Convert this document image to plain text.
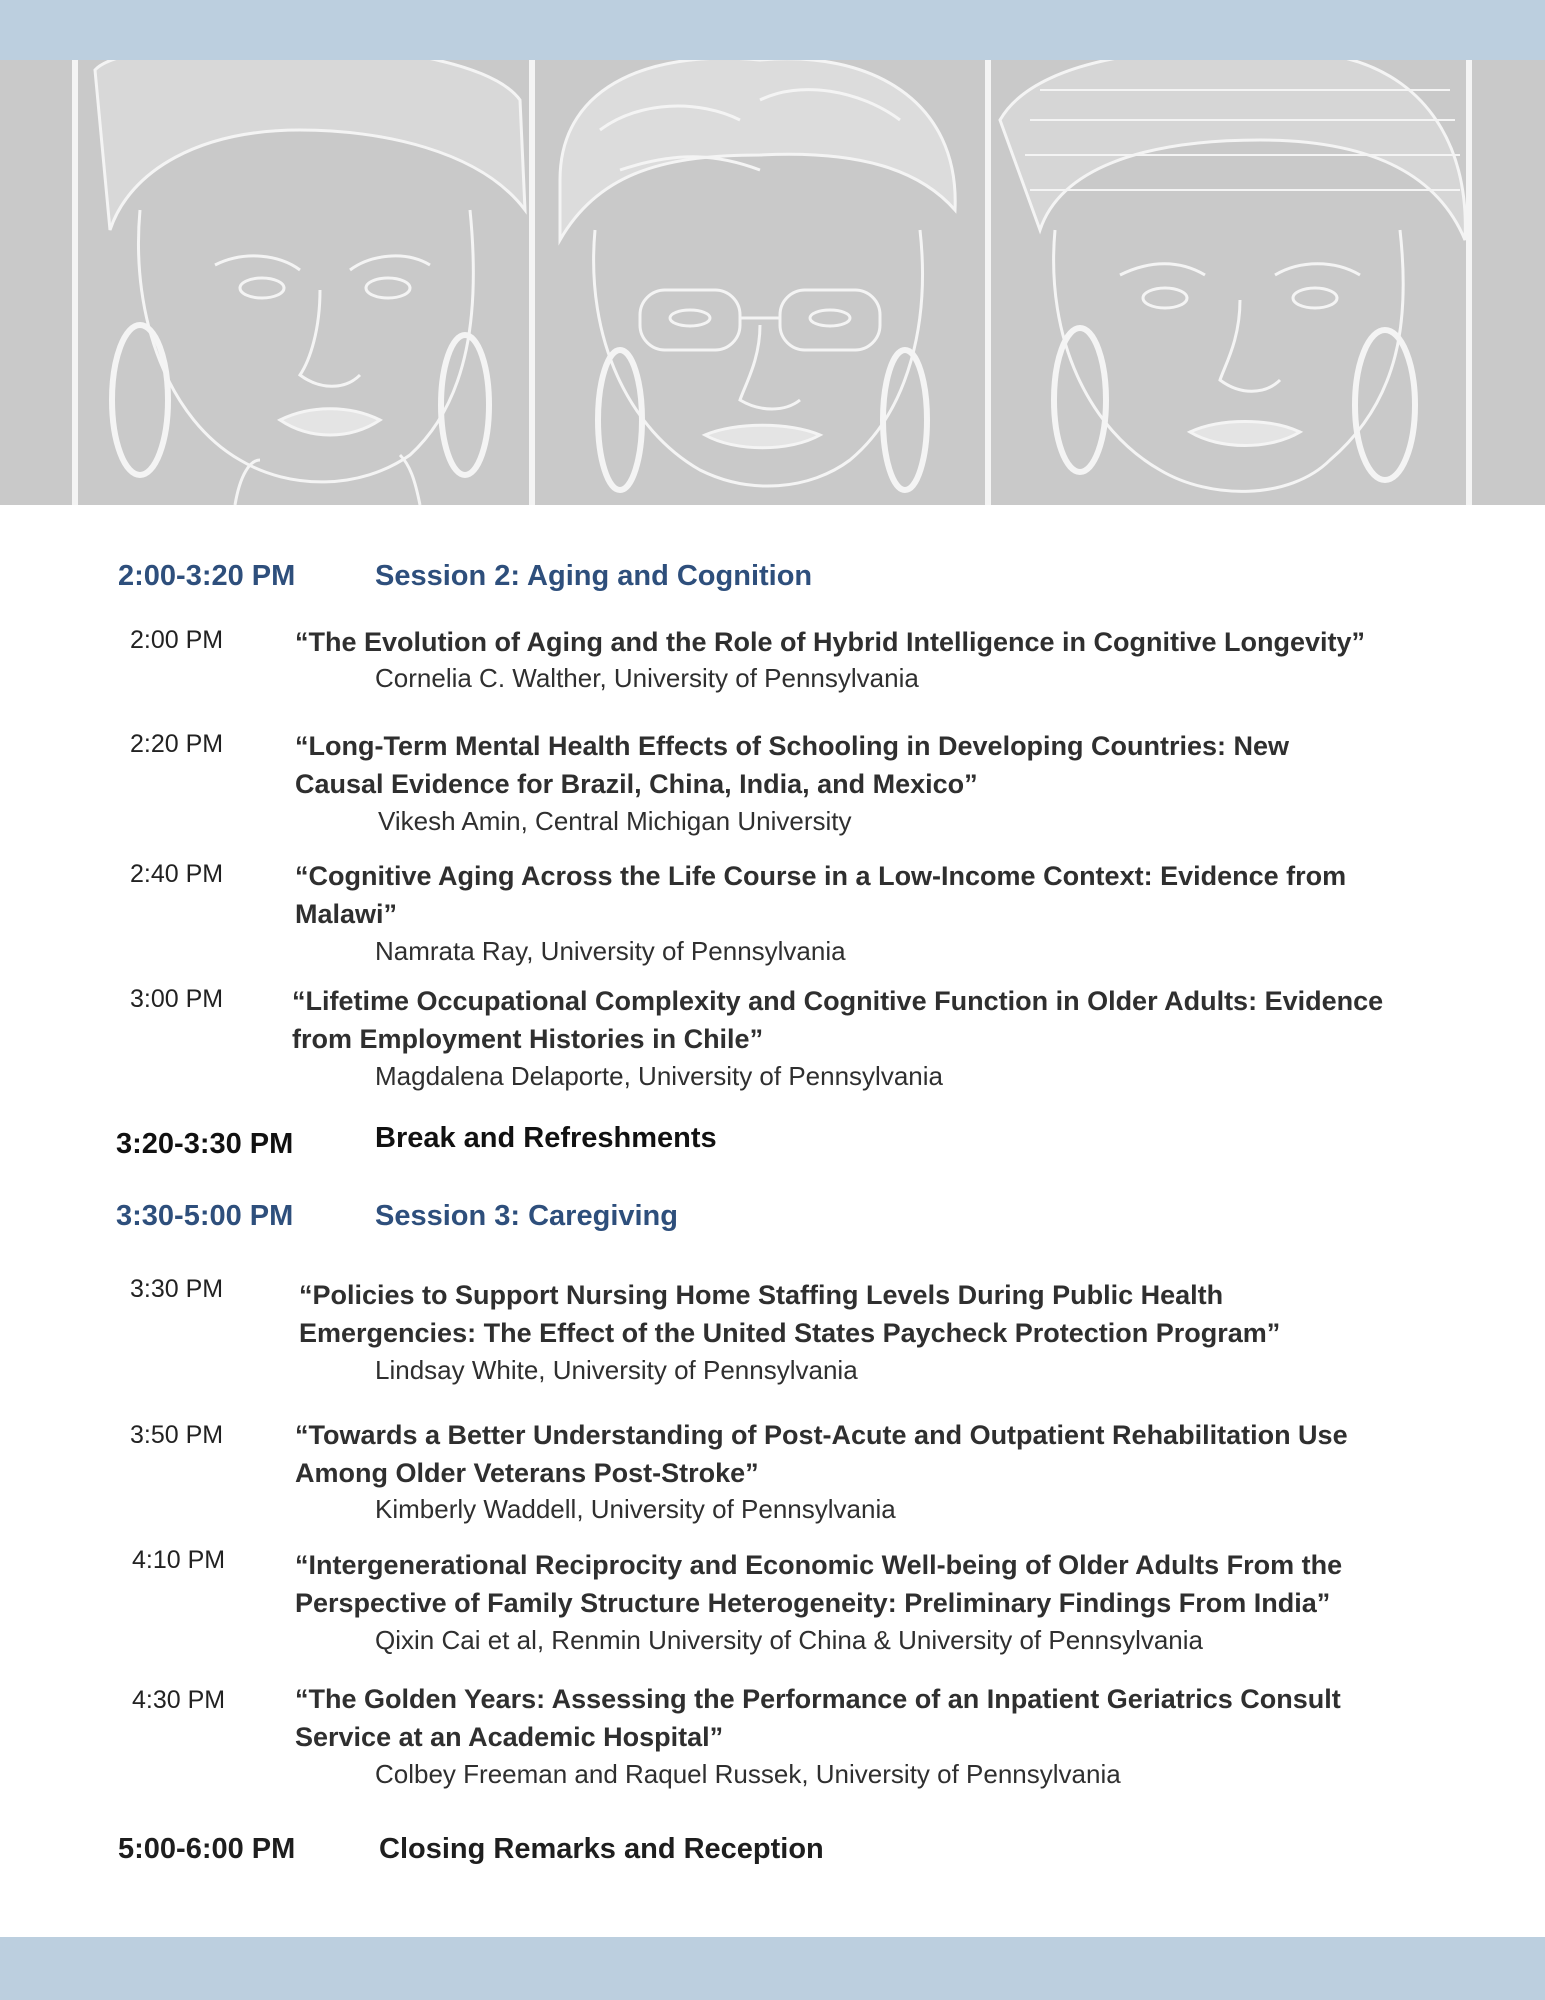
2:00-3:20 PM	Session 2: Aging and Cognition
2:00 PM	“The Evolution of Aging and the Role of Hybrid Intelligence in Cognitive Longevity”
Cornelia C. Walther, University of Pennsylvania
2:20 PM	“Long-Term Mental Health Effects of Schooling in Developing Countries: New
Causal Evidence for Brazil, China, India, and Mexico”
Vikesh Amin, Central Michigan University
2:40 PM	“Cognitive Aging Across the Life Course in a Low-Income Context: Evidence from
Malawi”
Namrata Ray, University of Pennsylvania
3:00 PM	“Lifetime Occupational Complexity and Cognitive Function in Older Adults: Evidence
from Employment Histories in Chile”
Magdalena Delaporte, University of Pennsylvania
3:20-3:30 PM	Break and Refreshments
3:30-5:00 PM	Session 3: Caregiving
3:30 PM	“Policies to Support Nursing Home Staffing Levels During Public Health
Emergencies: The Effect of the United States Paycheck Protection Program”
Lindsay White, University of Pennsylvania
3:50 PM	“Towards a Better Understanding of Post-Acute and Outpatient Rehabilitation Use
Among Older Veterans Post-Stroke”
Kimberly Waddell, University of Pennsylvania
4:10 PM	“Intergenerational Reciprocity and Economic Well-being of Older Adults From the
Perspective of Family Structure Heterogeneity: Preliminary Findings From India”
Qixin Cai et al, Renmin University of China & University of Pennsylvania
4:30 PM	“The Golden Years: Assessing the Performance of an Inpatient Geriatrics Consult
Service at an Academic Hospital”
Colbey Freeman and Raquel Russek, University of Pennsylvania
5:00-6:00 PM	Closing Remarks and Reception
